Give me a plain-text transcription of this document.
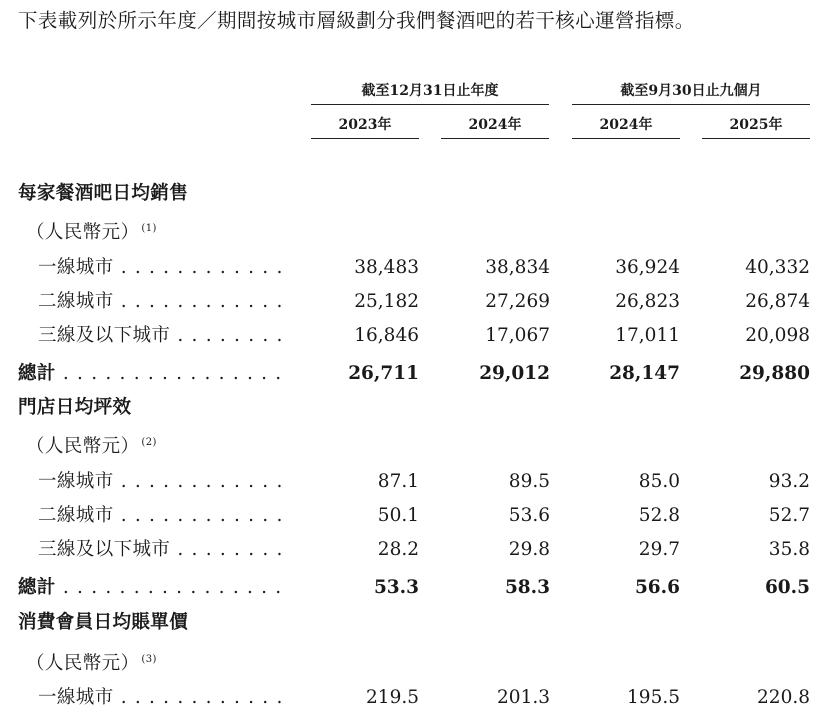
下表載列於所示年度／期間按城市層級劃分我們餐酒吧的若干核心運營指標。
截至12月31日止年度	截至9月30日止九個月
2023年	2024年	2024年	2025年
每家餐酒吧日均銷售
（人民幣元） $^{(1)}$
一線城市 . . .	38,483	38,834	36,924	40,332
二線城市 . . .	25,182	27,269	26,823	26,874
三線及以下城市 . . .	16,846	17,067	17,011	20,098
總計 . . .	26,711	29,012	28,147	29,880
門店日均坪效
（人民幣元） $^{(2)}$
一線城市 . . .	87.1	89.5	85.0	93.2
二線城市 . . .	50.1	53.6	52.8	52.7
三線及以下城市 . . .	28.2	29.8	29.7	35.8
總計 . . .	53.3	58.3	56.6	60.5
消費會員日均賬單價
（人民幣元） $^{(3)}$
一線城市 . . .	219.5	201.3	195.5	220.8
